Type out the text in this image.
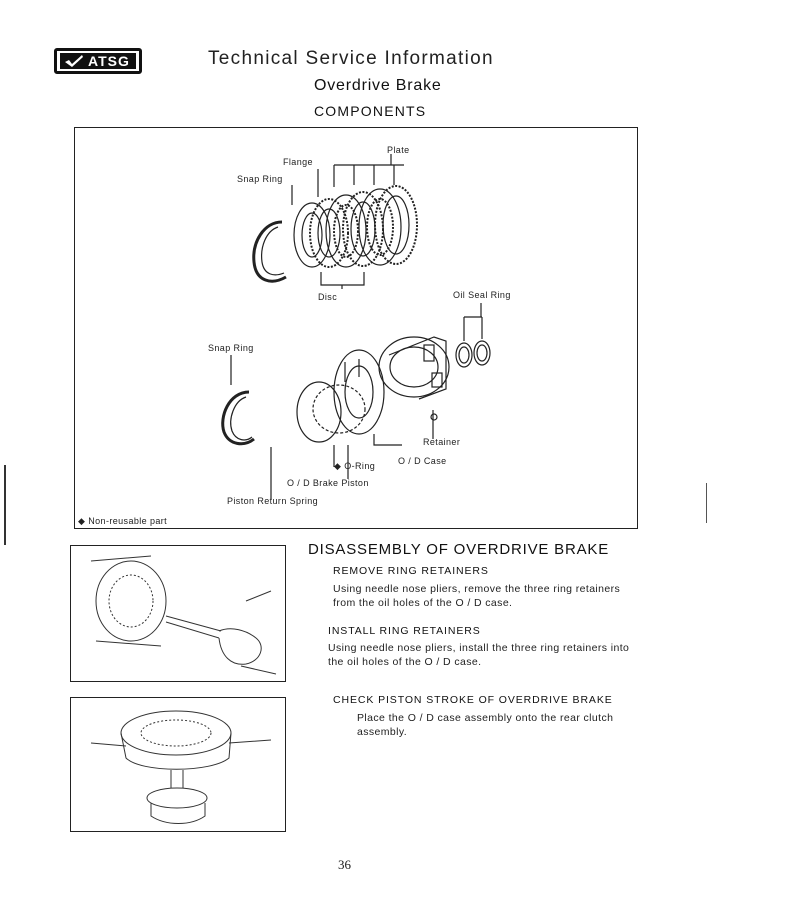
ATSG	Technical Service Information
Overdrive Brake
COMPONENTS
Plate
Flange
Snap Ring
Disc	Oil Seal Ring
Snap Ring
Retainer
◆ O-Ring	O / D Case
O / D Brake Piston
Piston Return Spring
◆ Non-reusable part
DISASSEMBLY OF OVERDRIVE BRAKE
REMOVE RING RETAINERS
Using needle nose pliers, remove the three ring retainers from the oil holes of the O / D case.
INSTALL RING RETAINERS
Using needle nose pliers, install the three ring retainers into the oil holes of the O / D case.
CHECK PISTON STROKE OF OVERDRIVE BRAKE
Place the O / D case assembly onto the rear clutch assembly.
36
